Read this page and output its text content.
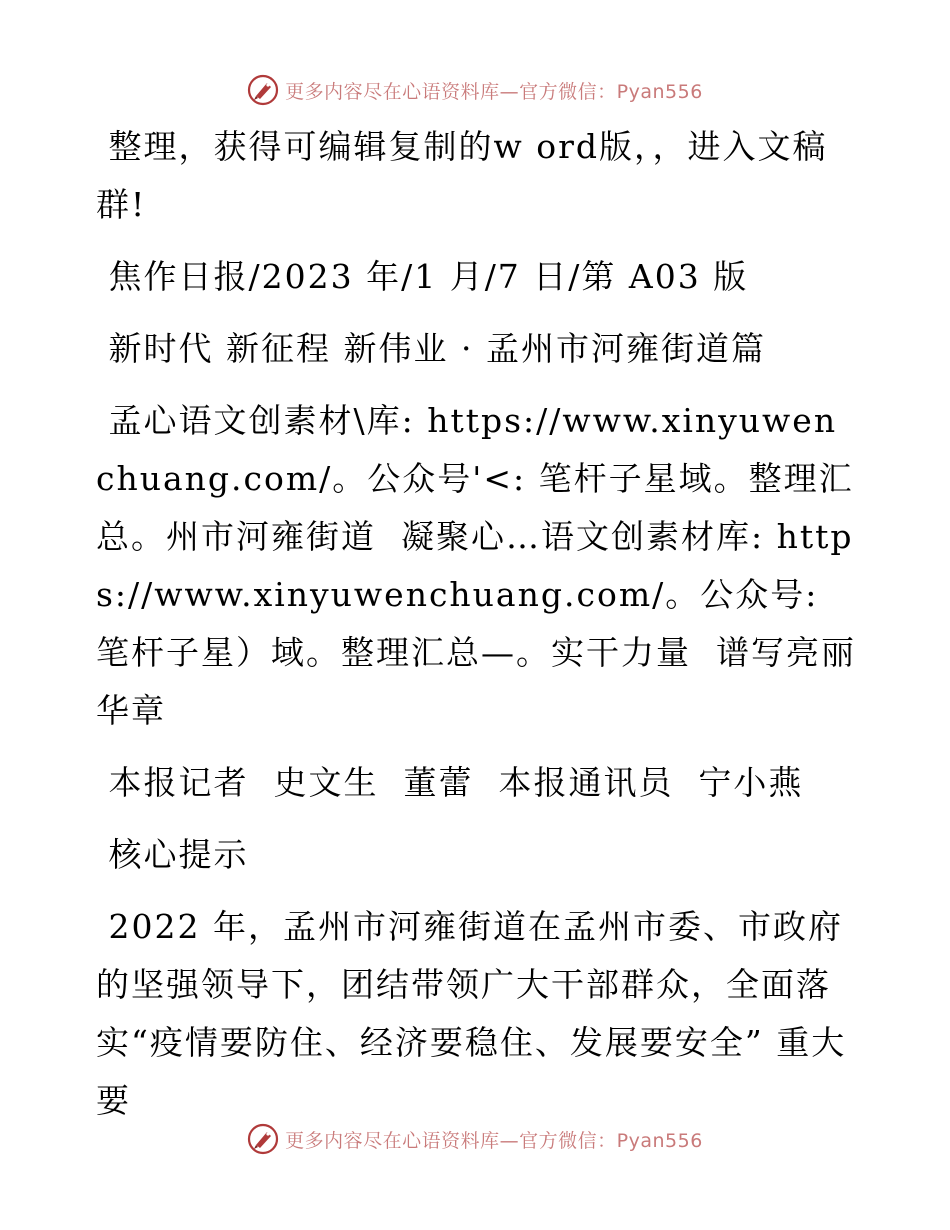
更多内容尽在心语资料库—官方微信：Pyan556

整理，获得可编辑复制的w ord版，，进入文稿群!

焦作日报/2023 年/1 月/7 日/第 A03 版

新时代 新征程 新伟业 · 孟州市河雍街道篇

孟心语文创素材\库: https://www.xinyuwenchuang.com/。公众号'<: 笔杆子星域。整理汇总。州市河雍街道  凝聚心…语文创素材库: https://www.xinyuwenchuang.com/。公众号: 笔杆子星）域。整理汇总—。实干力量  谱写亮丽华章

本报记者  史文生  董蕾  本报通讯员  宁小燕

核心提示

2022 年，孟州市河雍街道在孟州市委、市政府的坚强领导下，团结带领广大干部群众，全面落实“疫情要防住、经济要稳住、发展要安全” 重大要

更多内容尽在心语资料库—官方微信：Pyan556
